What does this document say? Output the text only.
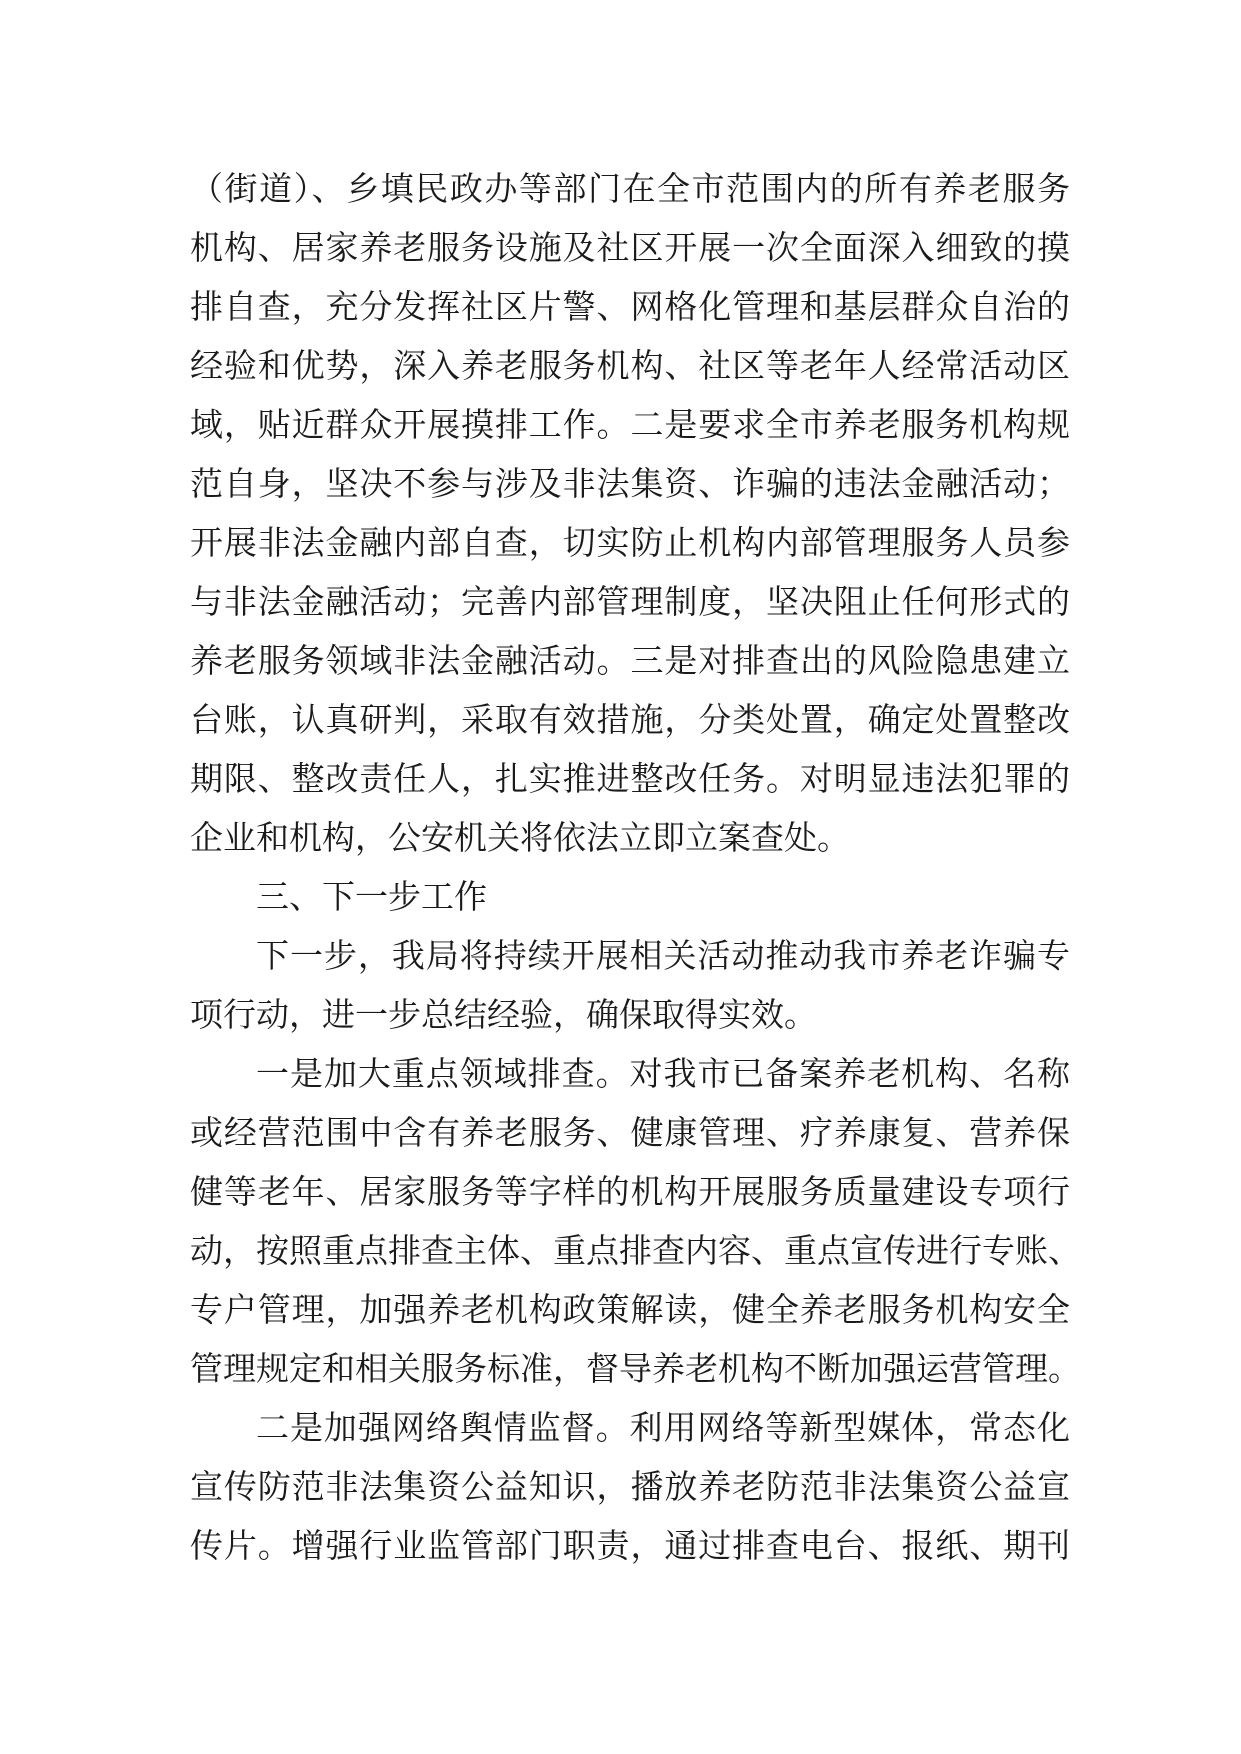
（街道）、乡填民政办等部门在全市范围内的所有养老服务
机构、居家养老服务设施及社区开展一次全面深入细致的摸
排自查，充分发挥社区片警、网格化管理和基层群众自治的
经验和优势，深入养老服务机构、社区等老年人经常活动区
域，贴近群众开展摸排工作。二是要求全市养老服务机构规
范自身，坚决不参与涉及非法集资、诈骗的违法金融活动；
开展非法金融内部自查，切实防止机构内部管理服务人员参
与非法金融活动；完善内部管理制度，坚决阻止任何形式的
养老服务领域非法金融活动。三是对排查出的风险隐患建立
台账，认真研判，采取有效措施，分类处置，确定处置整改
期限、整改责任人，扎实推进整改任务。对明显违法犯罪的
企业和机构，公安机关将依法立即立案查处。
三、下一步工作
下一步，我局将持续开展相关活动推动我市养老诈骗专
项行动，进一步总结经验，确保取得实效。
一是加大重点领域排查。对我市已备案养老机构、名称
或经营范围中含有养老服务、健康管理、疗养康复、营养保
健等老年、居家服务等字样的机构开展服务质量建设专项行
动，按照重点排查主体、重点排查内容、重点宣传进行专账、
专户管理，加强养老机构政策解读，健全养老服务机构安全
管理规定和相关服务标准，督导养老机构不断加强运营管理。
二是加强网络舆情监督。利用网络等新型媒体，常态化
宣传防范非法集资公益知识，播放养老防范非法集资公益宣
传片。增强行业监管部门职责，通过排查电台、报纸、期刊
